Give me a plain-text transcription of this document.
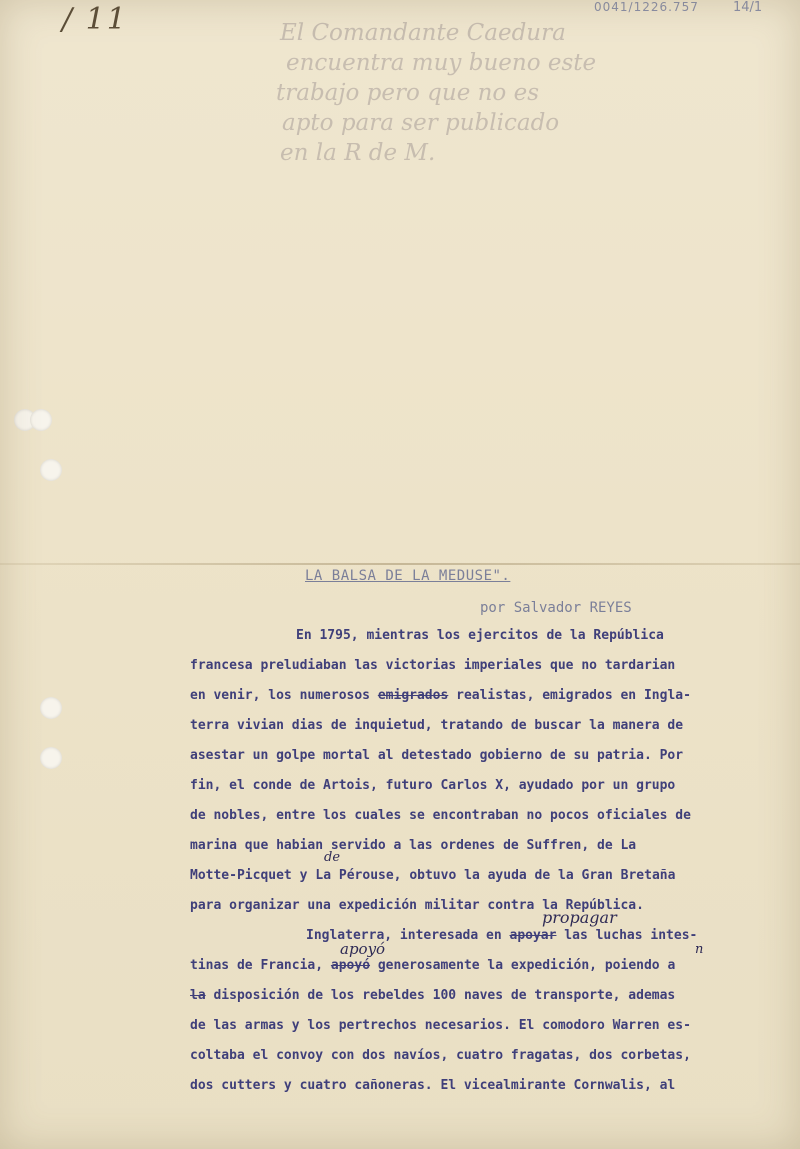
/ 11	0041/1226.757	14/1
El Comandante Caedura
encuentra muy bueno este
trabajo pero que no es
apto para ser publicado
en la R de M.
LA BALSA DE LA MEDUSE".
por Salvador REYES
En 1795, mientras los ejercitos de la República
francesa preludiaban las victorias imperiales que no tardarian
en venir, los numerosos emigrados realistas, emigrados en Ingla-
terra vivian dias de inquietud, tratando de buscar la manera de
asestar un golpe mortal al detestado gobierno de su patria. Por
fin, el conde de Artois, futuro Carlos X, ayudado por un grupo
de nobles, entre los cuales se encontraban no pocos oficiales de
marina que habian servido a las ordenes de Suffren, de La
Motte-Picquet y La Pérouse, obtuvo la ayuda de la Gran Bretaña
de
para organizar una expedición militar contra la República.
Inglaterra, interesada en apoyar las luchas intes-
propagar
tinas de Francia, apoyó generosamente la expedición, poiendo a
apoyó	n
la disposición de los rebeldes 100 naves de transporte, ademas
de las armas y los pertrechos necesarios. El comodoro Warren es-
coltaba el convoy con dos navíos, cuatro fragatas, dos corbetas,
dos cutters y cuatro cañoneras. El vicealmirante Cornwalis, al
